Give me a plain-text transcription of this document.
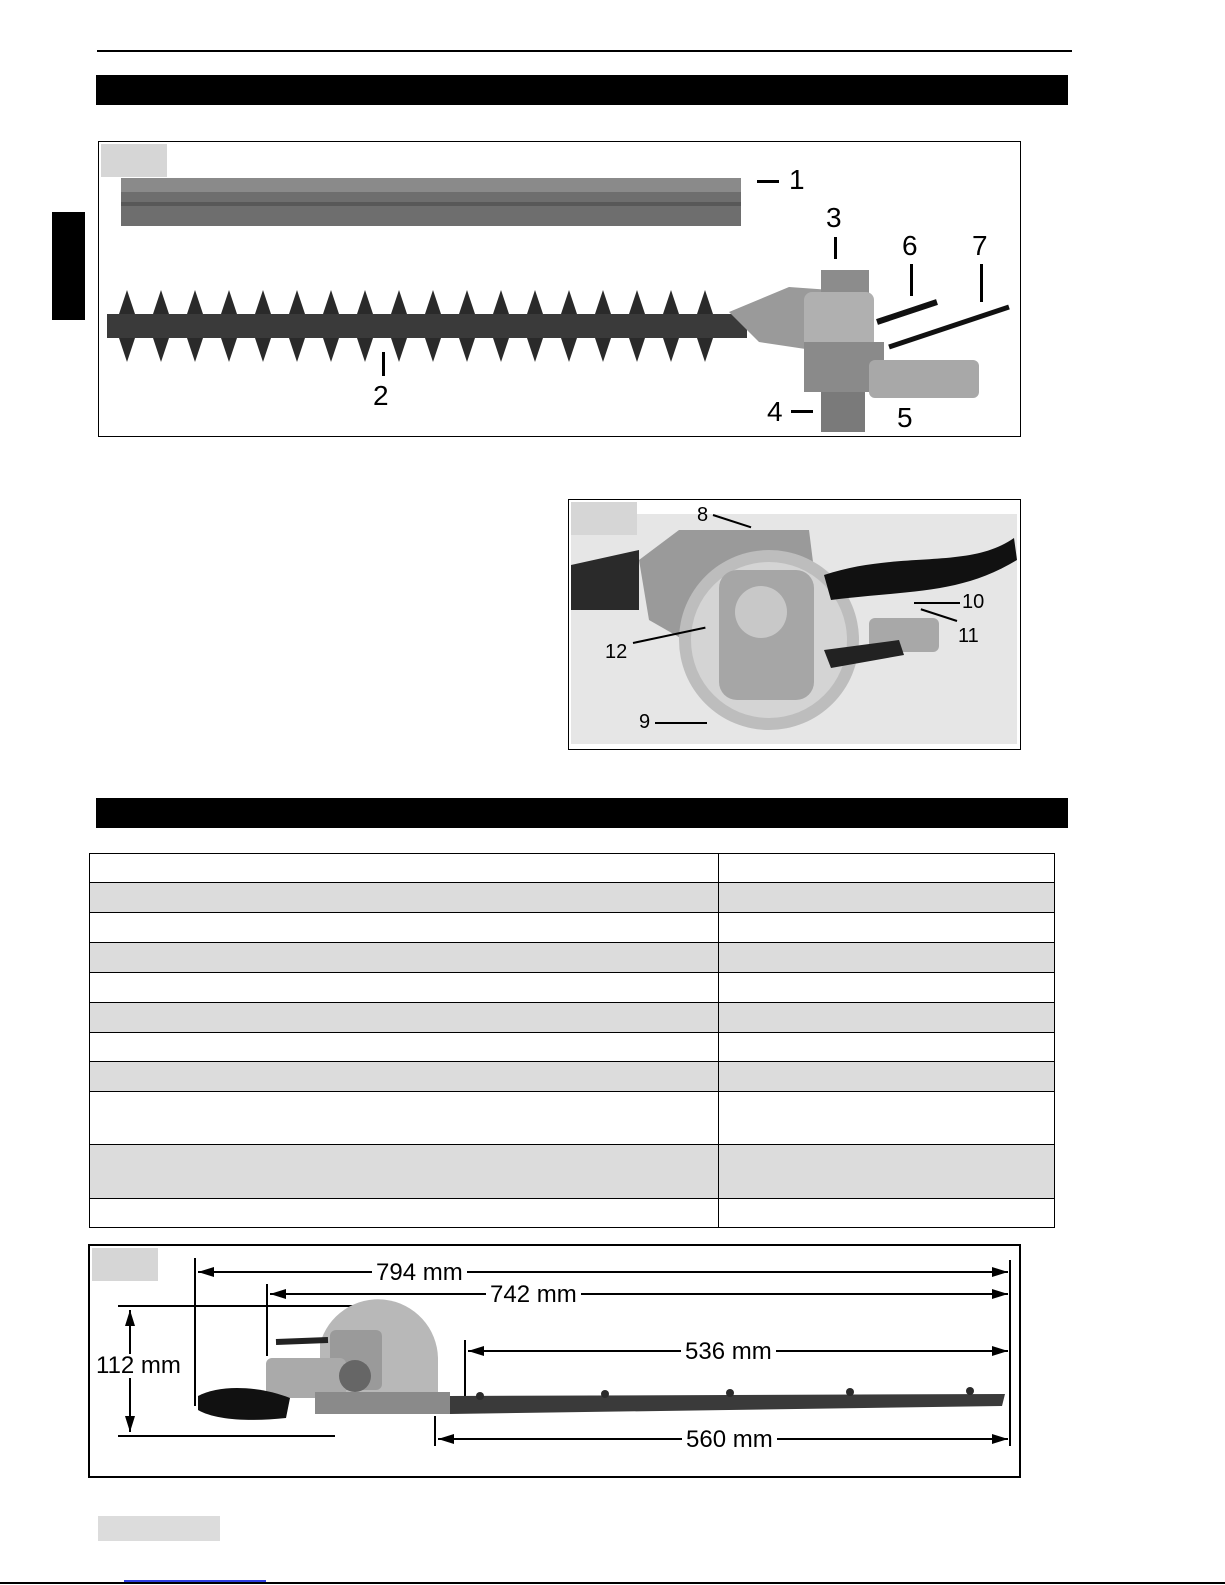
1
2
3
4	5
6 7
8
9
10
11
12

794 mm
742 mm
536 mm
560 mm
112 mm
